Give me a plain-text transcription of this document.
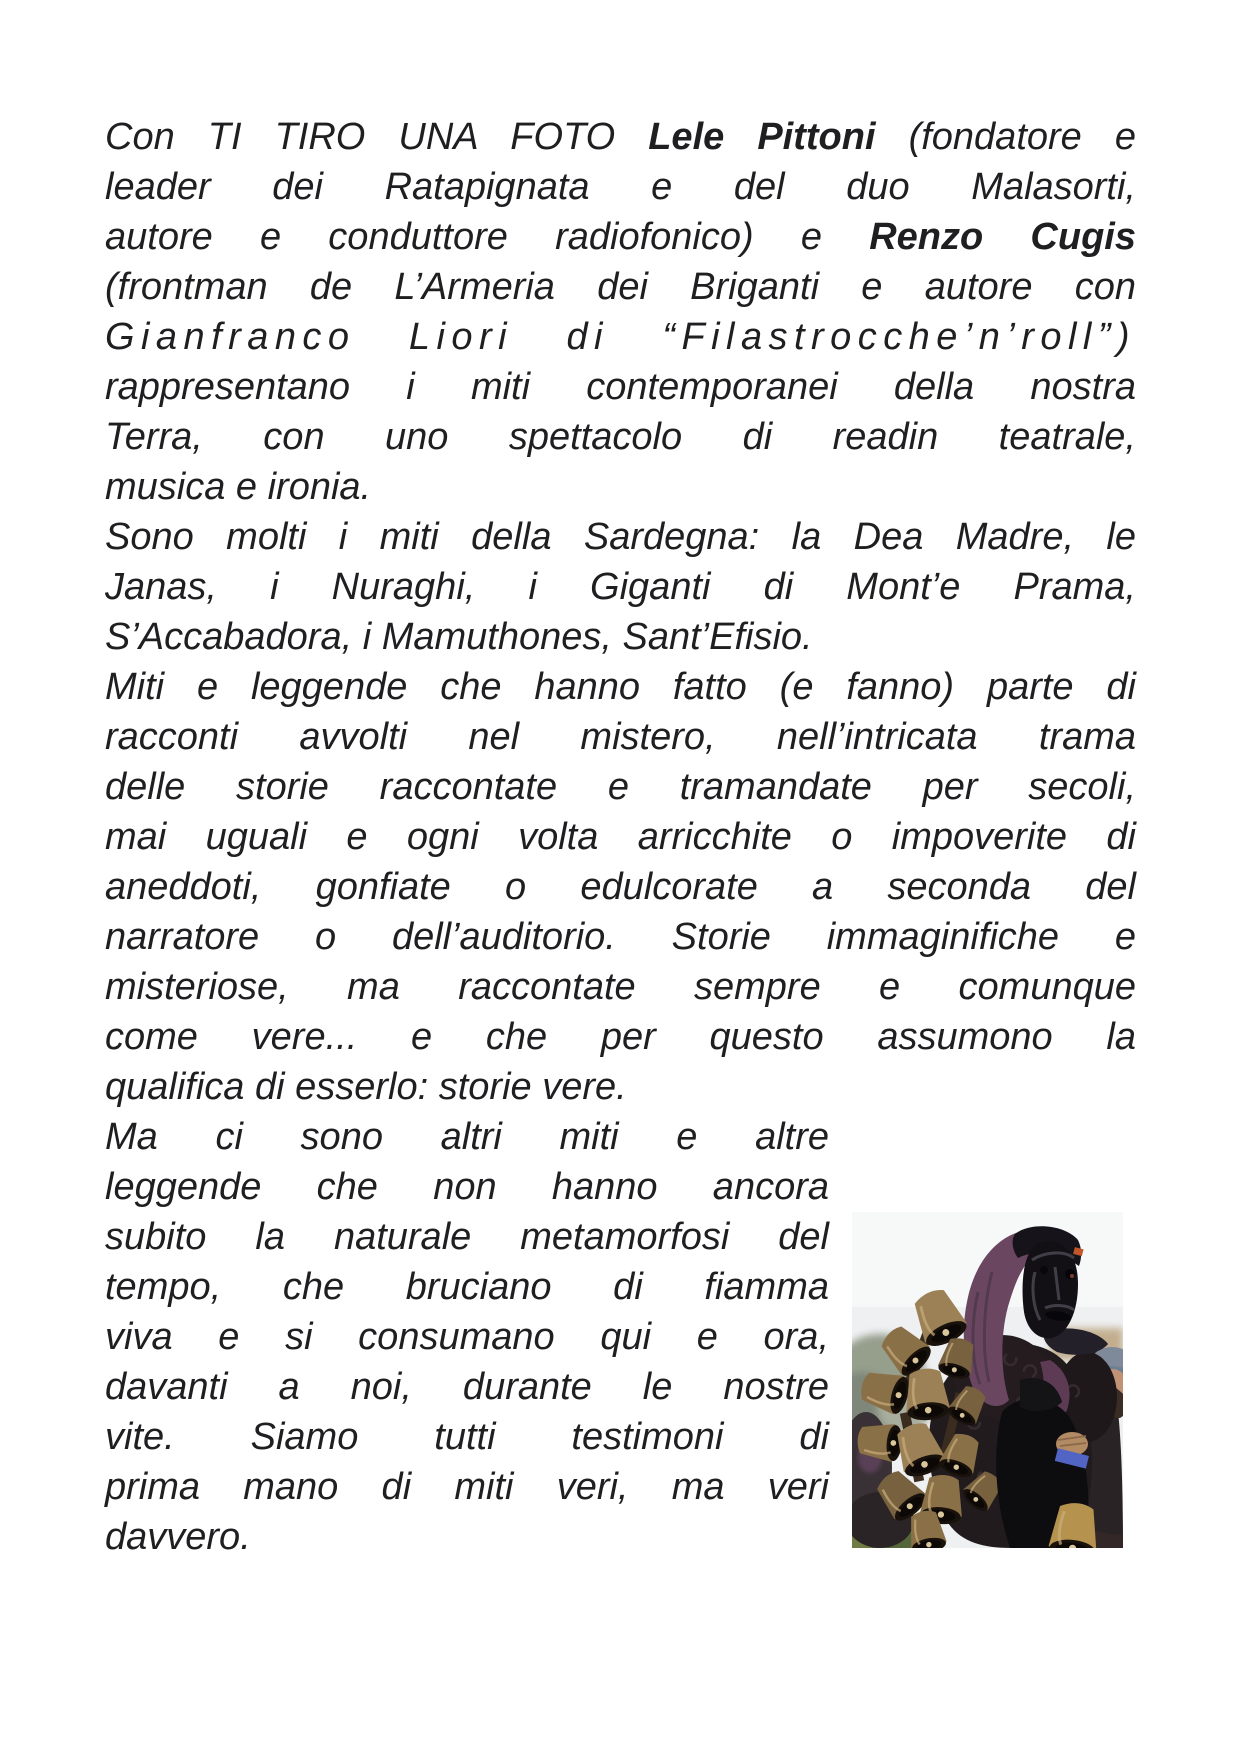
Con TI TIRO UNA FOTO Lele Pittoni (fondatore e
leader dei Ratapignata e del duo Malasorti,
autore e conduttore radiofonico) e Renzo Cugis
(frontman de L’Armeria dei Briganti e autore con
Gianfranco Liori di “Filastrocche’n’roll”)
rappresentano i miti contemporanei della nostra
Terra, con uno spettacolo di readin teatrale,
musica e ironia.
Sono molti i miti della Sardegna: la Dea Madre, le
Janas, i Nuraghi, i Giganti di Mont’e Prama,
S’Accabadora, i Mamuthones, Sant’Efisio.
Miti e leggende che hanno fatto (e fanno) parte di
racconti avvolti nel mistero, nell’intricata trama
delle storie raccontate e tramandate per secoli,
mai uguali e ogni volta arricchite o impoverite di
aneddoti, gonfiate o edulcorate a seconda del
narratore o dell’auditorio. Storie immaginifiche e
misteriose, ma raccontate sempre e comunque
come vere... e che per questo assumono la
qualifica di esserlo: storie vere.
Ma ci sono altri miti e altre
leggende che non hanno ancora
subito la naturale metamorfosi del
tempo, che bruciano di fiamma
viva e si consumano qui e ora,
davanti a noi, durante le nostre
vite. Siamo tutti testimoni di
prima mano di miti veri, ma veri
davvero.
